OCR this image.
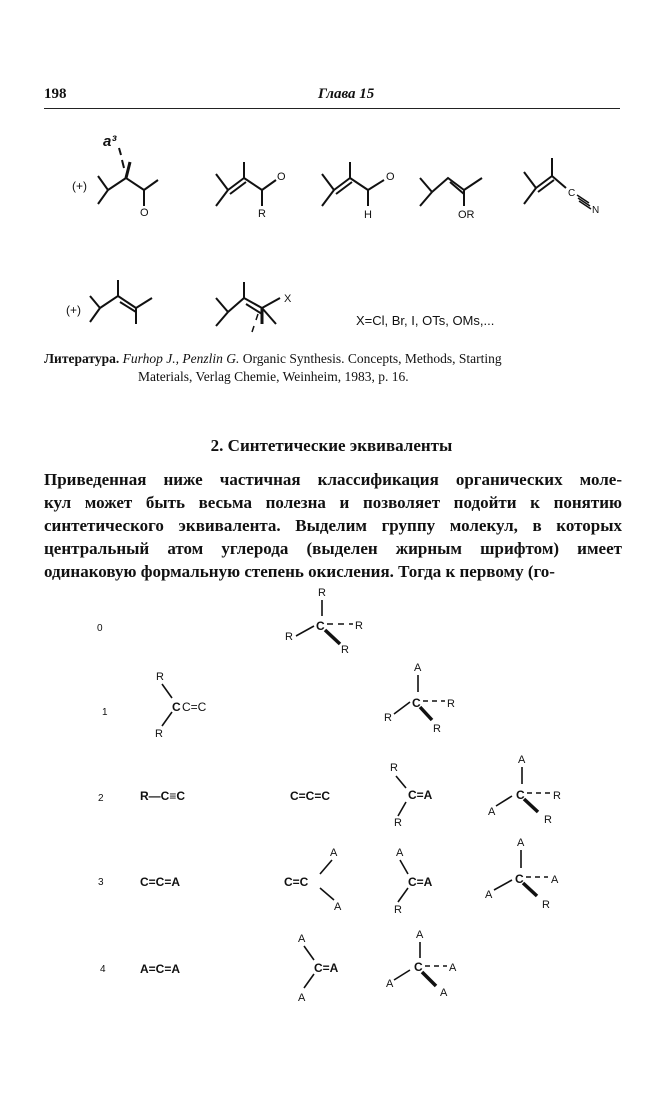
198	Глава 15
a³
(+)
O
O
R
O
H	OR
C
N
(+)
X
X=Cl, Br, I, OTs, OMs,...
Литература. Furhop J., Penzlin G. Organic Synthesis. Concepts, Methods, Starting
Materials, Verlag Chemie, Weinheim, 1983, p. 16.
2. Синтетические эквиваленты
Приведенная ниже частичная классификация органических моле-
кул может быть весьма полезна и позволяет подойти к понятию
синтетического эквивалента. Выделим группу молекул, в которых
центральный атом углерода (выделен жирным шрифтом) имеет
одинаковую формальную степень окисления. Тогда к первому (го-
0
1
2
3
4
R
C
R
R
R
R
C C=C
R
A
C
R
R
R
R—C≡C	C=C=C
R
C=A
R
A
C
A
R
R
C=C=A	C=C
A
A
A
C=A
R
A
C
A
A
R
A=C=A
A
C=A
A
A
C
A
A
A
